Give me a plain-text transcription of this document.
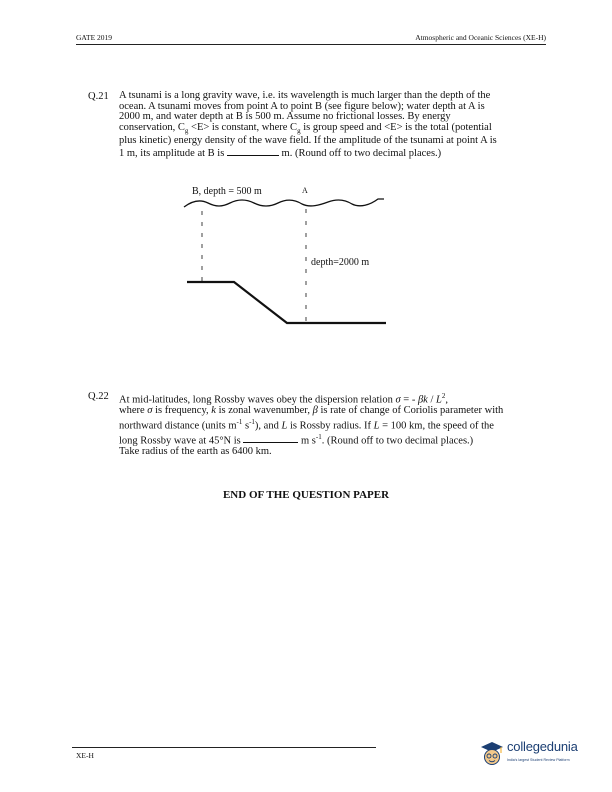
GATE 2019	Atmospheric and Oceanic Sciences (XE-H)
Q.21 A tsunami is a long gravity wave, i.e. its wavelength is much larger than the depth of the
ocean. A tsunami moves from point A to point B (see figure below); water depth at A is
2000 m, and water depth at B is 500 m. Assume no frictional losses. By energy
conservation, $C_g <E>$ is constant, where $C_g$ is group speed and <E> is the total (potential
plus kinetic) energy density of the wave field. If the amplitude of the tsunami at point A is
1 m, its amplitude at B is	m. (Round off to two decimal places.)
B, depth = 500 m	A
depth=2000 m
Q.22 At mid-latitudes, long Rossby waves obey the dispersion relation σ = - βk / $L^2$,
where σ is frequency, k is zonal wavenumber, β is rate of change of Coriolis parameter with
northward distance (units $m^{-1}$ $s^{-1}$), and L is Rossby radius. If L = 100 km, the speed of the
long Rossby wave at 45°N is	m $s^{-1}$. (Round off to two decimal places.)
Take radius of the earth as 6400 km.
END OF THE QUESTION PAPER
XE-H
collegedunia
India's largest Student Review Platform
